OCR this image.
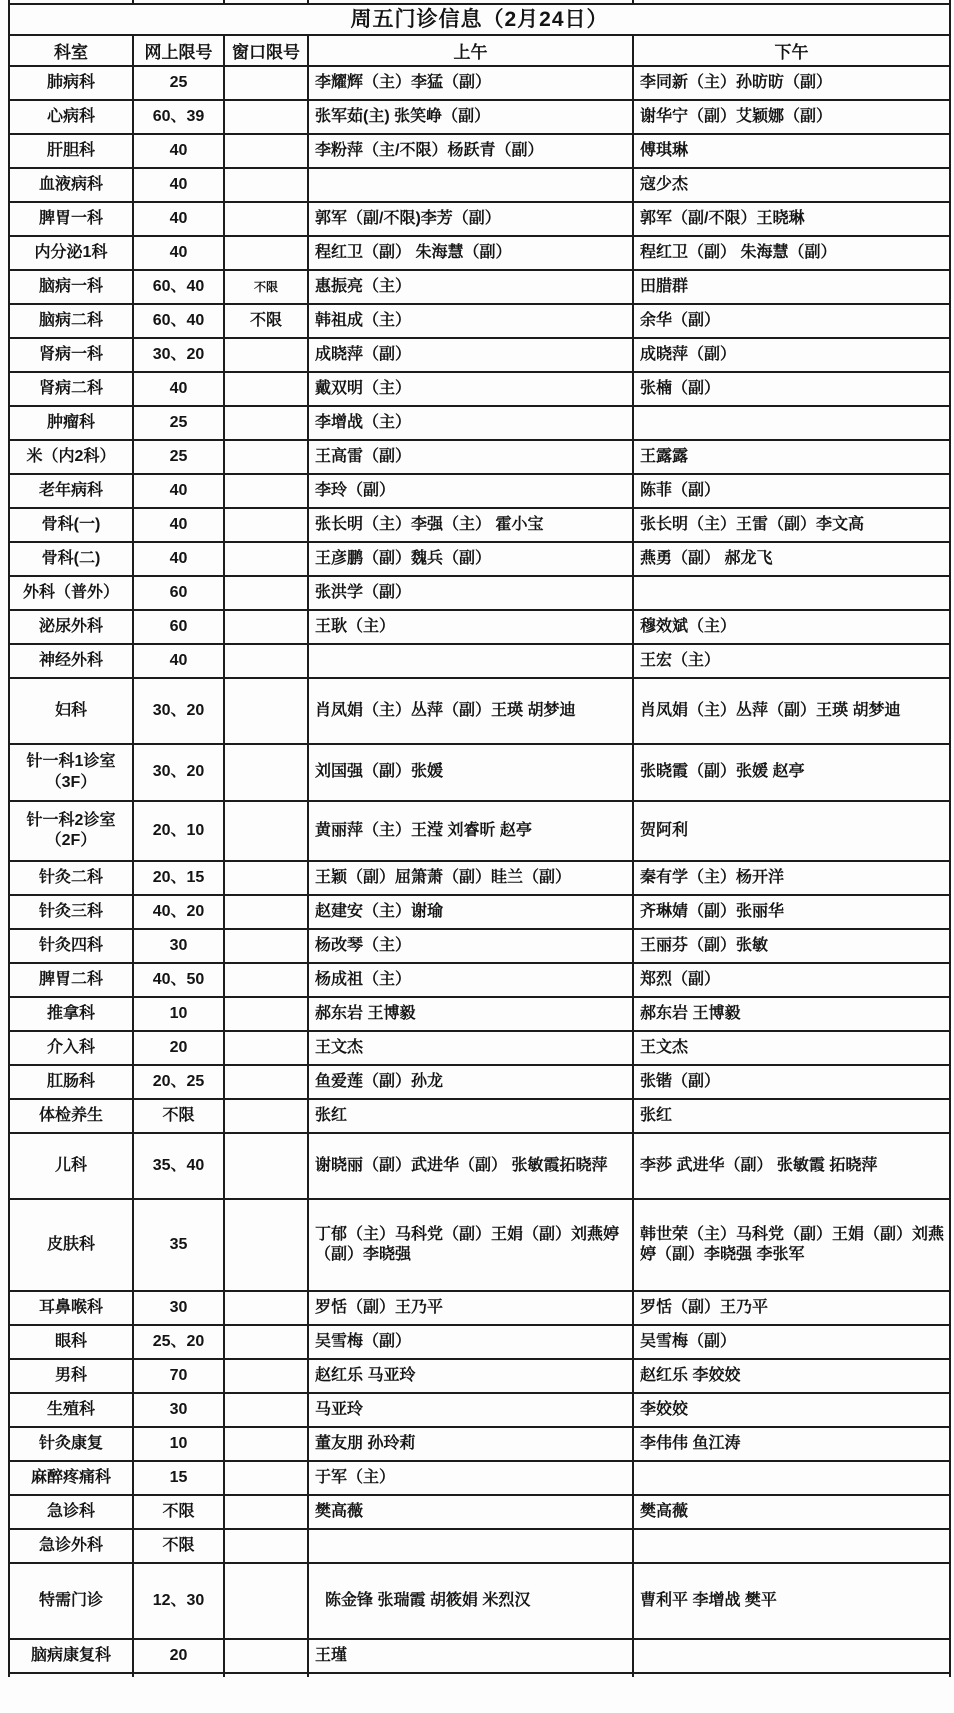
周五门诊信息（2月24日）				
科室	网上限号	窗口限号	上午	下午
肺病科	25		李耀辉（主）李猛（副）	李同新（主）孙昉昉（副）
心病科	60、39		张军茹(主) 张笑峥（副）	谢华宁（副）艾颖娜（副）
肝胆科	40		李粉萍（主/不限）杨跃青（副）	傅琪琳
血液病科	40			寇少杰
脾胃一科	40		郭军（副/不限)李芳（副）	郭军（副/不限）王晓琳
内分泌1科	40		程红卫（副） 朱海慧（副）	程红卫（副） 朱海慧（副）
脑病一科	60、40	不限	惠振亮（主）	田腊群
脑病二科	60、40	不限	韩祖成（主）	余华（副）
肾病一科	30、20		成晓萍（副）	成晓萍（副）
肾病二科	40		戴双明（主）	张楠（副）
肿瘤科	25		李增战（主）	
米（内2科）	25		王高雷（副）	王露露
老年病科	40		李玲（副）	陈菲（副）
骨科(一)	40		张长明（主）李强（主） 霍小宝	张长明（主）王雷（副）李文高
骨科(二)	40		王彦鹏（副）魏兵（副）	燕勇（副） 郝龙飞
外科（普外）	60		张洪学（副）	
泌尿外科	60		王耿（主）	穆效斌（主）
神经外科	40			王宏（主）
妇科	30、20		肖凤娟（主）丛萍（副）王瑛 胡梦迪	肖凤娟（主）丛萍（副）王瑛 胡梦迪
针一科1诊室（3F）	30、20		刘国强（副）张媛	张晓霞（副）张媛 赵亭
针一科2诊室（2F）	20、10		黄丽萍（主）王滢 刘睿昕 赵亭	贺阿利
针灸二科	20、15		王颖（副）屈箫萧（副）眭兰（副）	秦有学（主）杨开洋
针灸三科	40、20		赵建安（主）谢瑜	齐琳婧（副）张丽华
针灸四科	30		杨改琴（主）	王丽芬（副）张敏
脾胃二科	40、50		杨成祖（主）	郑烈（副）
推拿科	10		郝东岩 王博毅	郝东岩 王博毅
介入科	20		王文杰	王文杰
肛肠科	20、25		鱼爱莲（副）孙龙	张锴（副）
体检养生	不限		张红	张红
儿科	35、40		谢晓丽（副）武进华（副） 张敏霞拓晓萍	李莎 武进华（副） 张敏霞 拓晓萍
皮肤科	35		丁郁（主）马科党（副）王娟（副）刘燕婷（副）李晓强	韩世荣（主）马科党（副）王娟（副）刘燕婷（副）李晓强 李张军
耳鼻喉科	30		罗恬（副）王乃平	罗恬（副）王乃平
眼科	25、20		吴雪梅（副）	吴雪梅（副）
男科	70		赵红乐 马亚玲	赵红乐 李姣姣
生殖科	30		马亚玲	李姣姣
针灸康复	10		董友朋 孙玲莉	李伟伟 鱼江涛
麻醉疼痛科	15		于军（主）	
急诊科	不限		樊高薇	樊高薇
急诊外科	不限			
特需门诊	12、30		陈金锋 张瑞霞 胡筱娟 米烈汉	曹利平 李增战 樊平
脑病康复科	20		王瑾	
